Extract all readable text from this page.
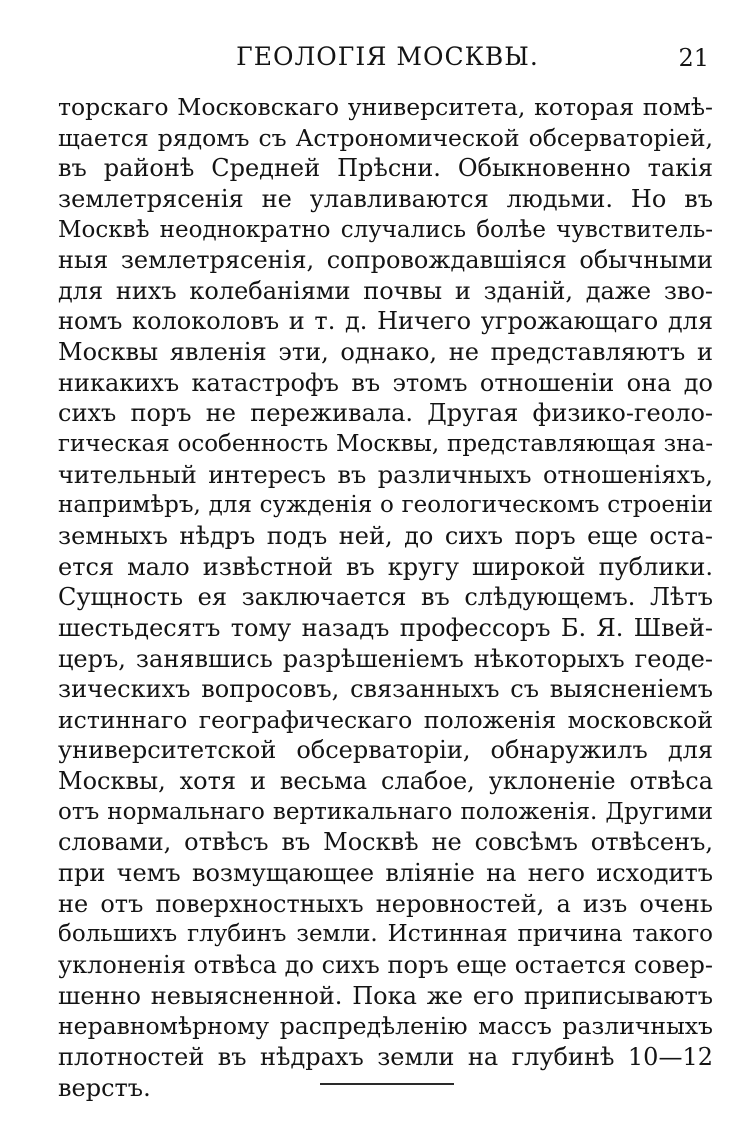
ГЕОЛОГІЯ МОСКВЫ.	21
торскаго Московскаго университета, которая помѣ-
щается рядомъ съ Астрономической обсерваторіей,
въ районѣ Средней Прѣсни. Обыкновенно такія
землетрясенія не улавливаются людьми. Но въ
Москвѣ неоднократно случались болѣе чувствитель-
ныя землетрясенія, сопровождавшіяся обычными
для нихъ колебаніями почвы и зданій, даже зво-
номъ колоколовъ и т. д. Ничего угрожающаго для
Москвы явленія эти, однако, не представляютъ и
никакихъ катастрофъ въ этомъ отношеніи она до
сихъ поръ не переживала. Другая физико-геоло-
гическая особенность Москвы, представляющая зна-
чительный интересъ въ различныхъ отношеніяхъ,
напримѣръ, для сужденія о геологическомъ строеніи
земныхъ нѣдръ подъ ней, до сихъ поръ еще оста-
ется мало извѣстной въ кругу широкой публики.
Сущность ея заключается въ слѣдующемъ. Лѣтъ
шестьдесятъ тому назадъ профессоръ Б. Я. Швей-
церъ, занявшись разрѣшеніемъ нѣкоторыхъ геоде-
зическихъ вопросовъ, связанныхъ съ выясненіемъ
истиннаго географическаго положенія московской
университетской обсерваторіи, обнаружилъ для
Москвы, хотя и весьма слабое, уклоненіе отвѣса
отъ нормальнаго вертикальнаго положенія. Другими
словами, отвѣсъ въ Москвѣ не совсѣмъ отвѣсенъ,
при чемъ возмущающее вліяніе на него исходитъ
не отъ поверхностныхъ неровностей, а изъ очень
большихъ глубинъ земли. Истинная причина такого
уклоненія отвѣса до сихъ поръ еще остается совер-
шенно невыясненной. Пока же его приписываютъ
неравномѣрному распредѣленію массъ различныхъ
плотностей въ нѣдрахъ земли на глубинѣ 10—12
верстъ.
